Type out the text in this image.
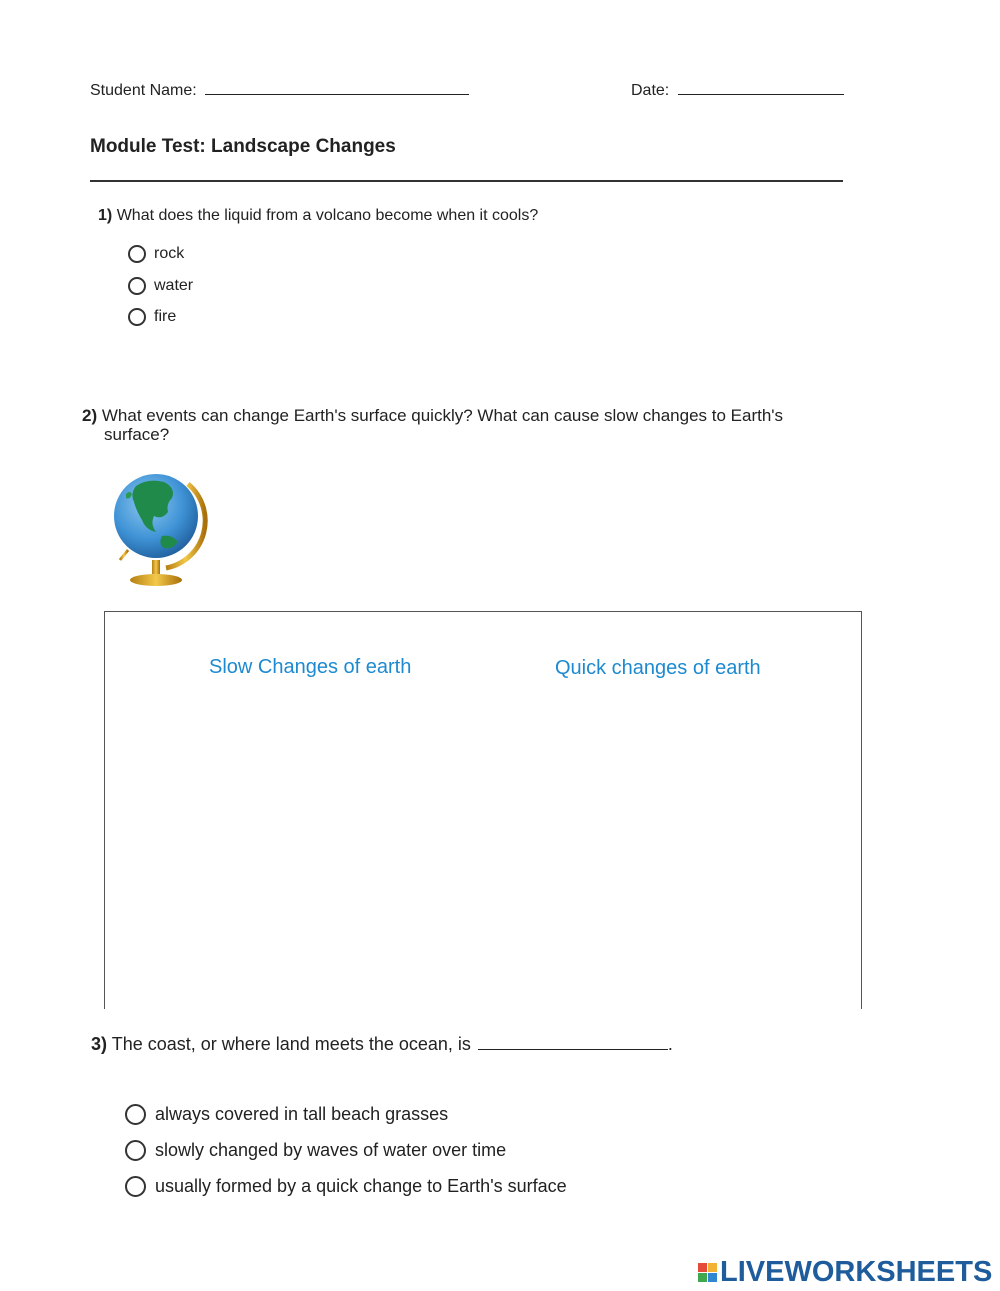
Student Name:	Date:
Module Test: Landscape Changes
1) What does the liquid from a volcano become when it cools?
rock
water
fire
2) What events can change Earth's surface quickly? What can cause slow changes to Earth's
surface?
Slow Changes of earth	Quick changes of earth
3) The coast, or where land meets the ocean, is	.
always covered in tall beach grasses
slowly changed by waves of water over time
usually formed by a quick change to Earth's surface
LIVEWORKSHEETS
